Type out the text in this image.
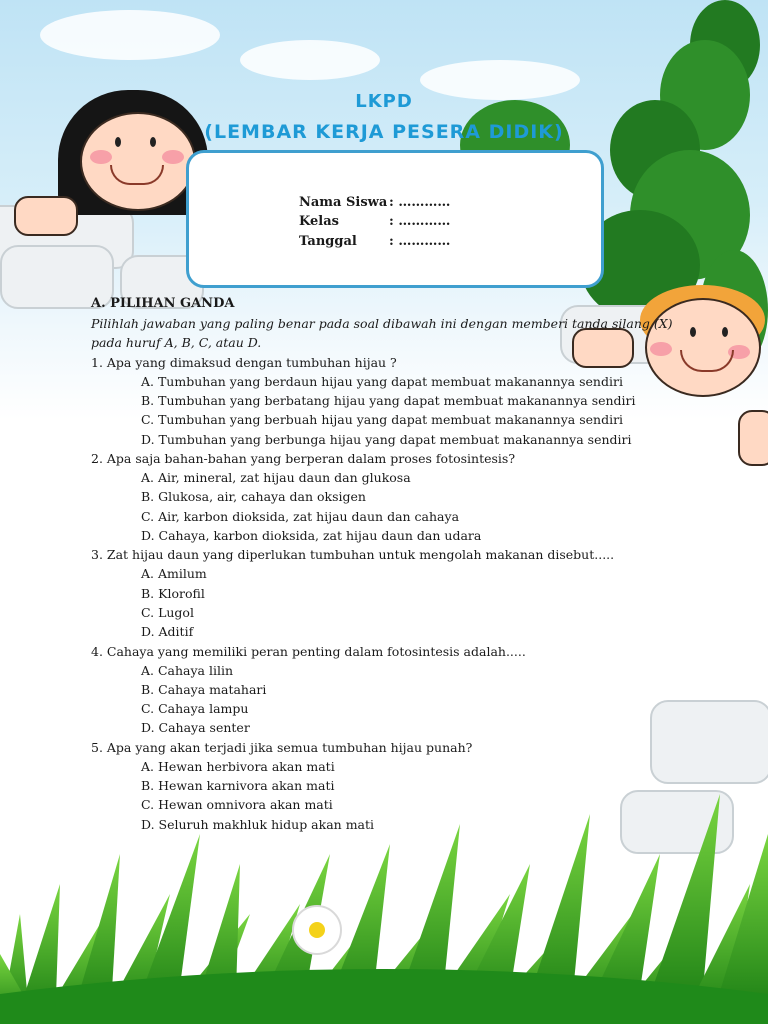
LKPD
(LEMBAR KERJA PESERA DIDIK)
Nama Siswa : …………
Kelas	: …………
Tanggal : …………
A. PILIHAN GANDA
Pilihlah jawaban yang paling benar pada soal dibawah ini dengan memberi tanda silang (X)
pada huruf A, B, C, atau D.
1. Apa yang dimaksud dengan tumbuhan hijau ?
A. Tumbuhan yang berdaun hijau yang dapat membuat makanannya sendiri
B. Tumbuhan yang berbatang hijau yang dapat membuat makanannya sendiri
C. Tumbuhan yang berbuah hijau yang dapat membuat makanannya sendiri
D. Tumbuhan yang berbunga hijau yang dapat membuat makanannya sendiri
2. Apa saja bahan-bahan yang berperan dalam proses fotosintesis?
A. Air, mineral, zat hijau daun dan glukosa
B. Glukosa, air, cahaya dan oksigen
C. Air, karbon dioksida, zat hijau daun dan cahaya
D. Cahaya, karbon dioksida, zat hijau daun dan udara
3. Zat hijau daun yang diperlukan tumbuhan untuk mengolah makanan disebut.....
A. Amilum
B. Klorofil
C. Lugol
D. Aditif
4. Cahaya yang memiliki peran penting dalam fotosintesis adalah.....
A. Cahaya lilin
B. Cahaya matahari
C. Cahaya lampu
D. Cahaya senter
5. Apa yang akan terjadi jika semua tumbuhan hijau punah?
A. Hewan herbivora akan mati
B. Hewan karnivora akan mati
C. Hewan omnivora akan mati
D. Seluruh makhluk hidup akan mati
